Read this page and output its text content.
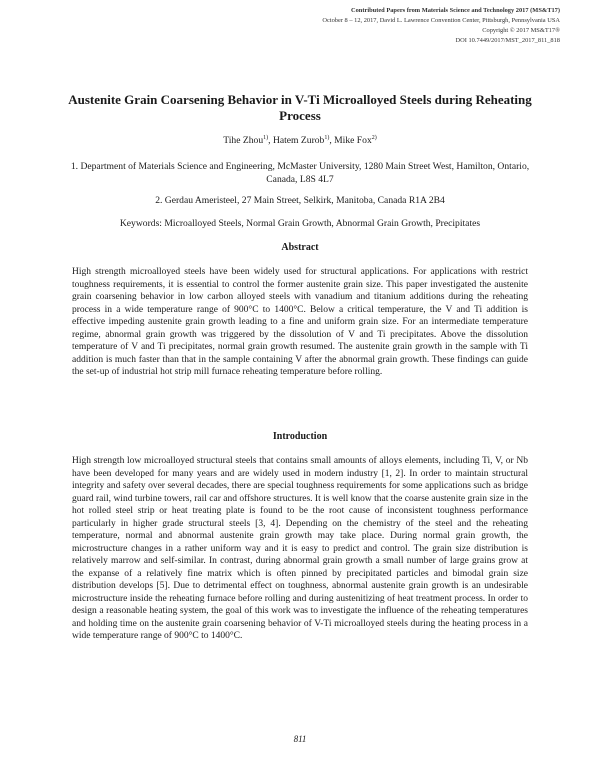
Contributed Papers from Materials Science and Technology 2017 (MS&T17)
October 8 – 12, 2017, David L. Lawrence Convention Center, Pittsburgh, Pennsylvania USA
Copyright © 2017 MS&T17®
DOI 10.7449/2017/MST_2017_811_818
Austenite Grain Coarsening Behavior in V-Ti Microalloyed Steels during Reheating Process
Tihe Zhou$^{1)}$, Hatem Zurob$^{1)}$, Mike Fox$^{2)}$
1. Department of Materials Science and Engineering, McMaster University, 1280 Main Street West, Hamilton, Ontario, Canada, L8S 4L7
2. Gerdau Ameristeel, 27 Main Street, Selkirk, Manitoba, Canada R1A 2B4
Keywords: Microalloyed Steels, Normal Grain Growth, Abnormal Grain Growth, Precipitates
Abstract
High strength microalloyed steels have been widely used for structural applications. For applications with restrict toughness requirements, it is essential to control the former austenite grain size. This paper investigated the austenite grain coarsening behavior in low carbon alloyed steels with vanadium and titanium additions during the reheating process in a wide temperature range of 900°C to 1400°C. Below a critical temperature, the V and Ti addition is effective impeding austenite grain growth leading to a fine and uniform grain size. For an intermediate temperature regime, abnormal grain growth was triggered by the dissolution of V and Ti precipitates. Above the dissolution temperature of V and Ti precipitates, normal grain growth resumed. The austenite grain growth in the sample with Ti addition is much faster than that in the sample containing V after the abnormal grain growth. These findings can guide the set-up of industrial hot strip mill furnace reheating temperature before rolling.
Introduction
High strength low microalloyed structural steels that contains small amounts of alloys elements, including Ti, V, or Nb have been developed for many years and are widely used in modern industry [1, 2]. In order to maintain structural integrity and safety over several decades, there are special toughness requirements for some applications such as bridge guard rail, wind turbine towers, rail car and offshore structures. It is well know that the coarse austenite grain size in the hot rolled steel strip or heat treating plate is found to be the root cause of inconsistent toughness performance particularly in higher grade structural steels [3, 4]. Depending on the chemistry of the steel and the reheating temperature, normal and abnormal austenite grain growth may take place. During normal grain growth, the microstructure changes in a rather uniform way and it is easy to predict and control. The grain size distribution is relatively marrow and self-similar. In contrast, during abnormal grain growth a small number of large grains grow at the expanse of a relatively fine matrix which is often pinned by precipitated particles and bimodal grain size distribution develops [5]. Due to detrimental effect on toughness, abnormal austenite grain growth is an undesirable microstructure inside the reheating furnace before rolling and during austenitizing of heat treatment process. In order to design a reasonable heating system, the goal of this work was to investigate the influence of the reheating temperatures and holding time on the austenite grain coarsening behavior of V-Ti microalloyed steels during the heating process in a wide temperature range of 900°C to 1400°C.
811
